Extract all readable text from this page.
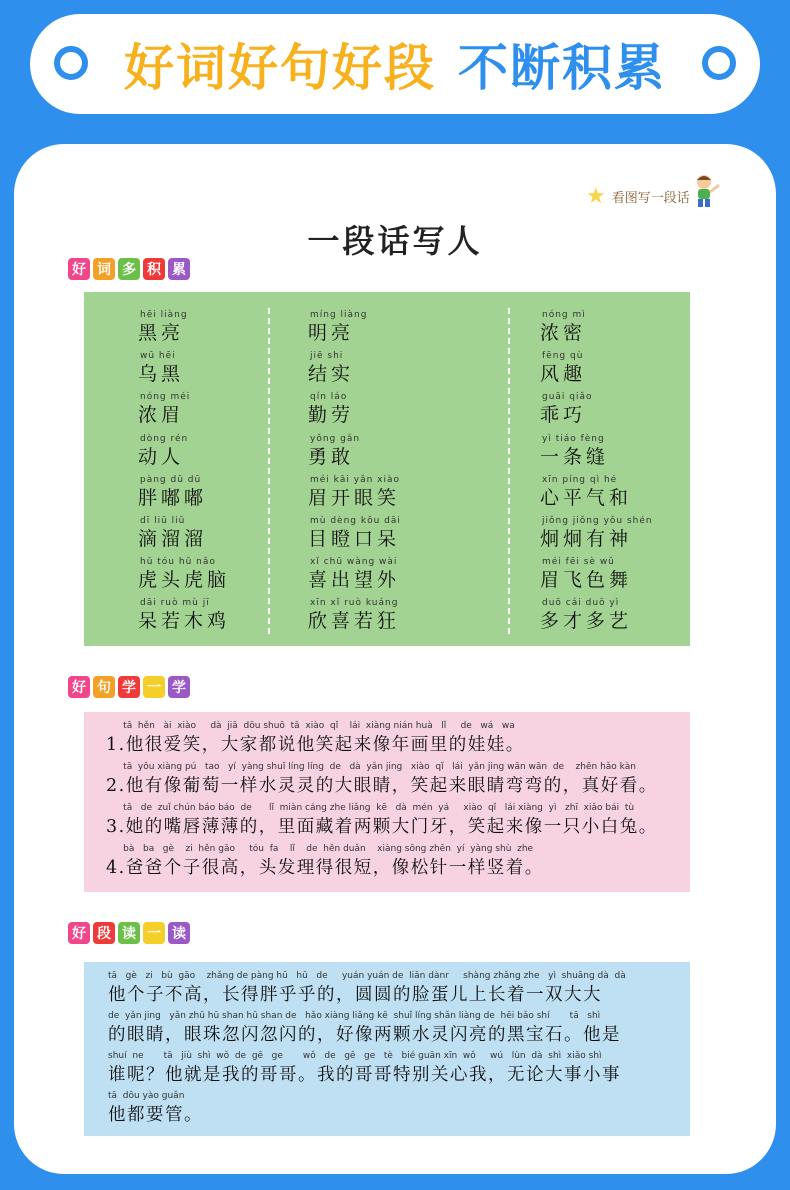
好词好句好段 不断积累
★ 看图写一段话
一段话写人
好 词 多 积 累
hēi liàng
黑亮
wū hēi
乌黑
nóng méi
浓眉
dòng rén
动人
pàng dū dū
胖嘟嘟
dī liū liū
滴溜溜
hǔ tóu hǔ nǎo
虎头虎脑
dāi ruò mù jī
呆若木鸡
míng liàng
明亮
jiē shi
结实
qín láo
勤劳
yǒng gǎn
勇敢
méi kāi yǎn xiào
眉开眼笑
mù dèng kǒu dāi
目瞪口呆
xǐ chū wàng wài
喜出望外
xīn xǐ ruò kuáng
欣喜若狂
nóng mì
浓密
fēng qù
风趣
guāi qiǎo
乖巧
yì tiáo fèng
一条缝
xīn píng qì hé
心平气和
jiǒng jiǒng yǒu shén
炯炯有神
méi fēi sè wǔ
眉飞色舞
duō cái duō yì
多才多艺
好 句 学 一 学
tā  hěn   ài  xiào     dà  jiā  dōu shuō  tā  xiào  qǐ    lái  xiàng nián huà   lǐ     de   wá   wa
1.他很爱笑，大家都说他笑起来像年画里的娃娃。
tā  yǒu xiàng pú   tao   yí  yàng shuǐ líng líng  de   dà  yǎn jing   xiào  qǐ   lái  yǎn jing wān wān  de    zhēn hǎo kàn
2.他有像葡萄一样水灵灵的大眼睛，笑起来眼睛弯弯的，真好看。
tā   de  zuǐ chún báo báo  de      lǐ  miàn cáng zhe liǎng  kē   dà  mén  yá     xiào  qǐ   lái xiàng  yì   zhī  xiǎo bái  tù
3.她的嘴唇薄薄的，里面藏着两颗大门牙，笑起来像一只小白兔。
bà   ba   gè    zi  hěn gāo     tóu  fa    lǐ    de  hěn duǎn    xiàng sōng zhēn  yí  yàng shù  zhe
4.爸爸个子很高，头发理得很短，像松针一样竖着。
好 段 读 一 读
tā   gè   zi   bù  gāo    zhǎng de pàng hū   hū   de     yuán yuán de  liǎn dànr     shàng zhǎng zhe   yì  shuāng dà  dà
他个子不高，长得胖乎乎的，圆圆的脸蛋儿上长着一双大大
de  yǎn jing   yǎn zhū hū shan hū shan de   hǎo xiàng liǎng kē  shuǐ líng shǎn liàng de  hēi bǎo shí       tā   shì
的眼睛，眼珠忽闪忽闪的，好像两颗水灵闪亮的黑宝石。他是
shuí  ne       tā   jiù  shì  wǒ  de  gē   ge       wǒ   de   gē   ge   tè   bié guān xīn  wǒ     wú   lùn  dà  shì  xiǎo shì
谁呢？他就是我的哥哥。我的哥哥特别关心我，无论大事小事
tā  dōu yào guǎn
他都要管。
